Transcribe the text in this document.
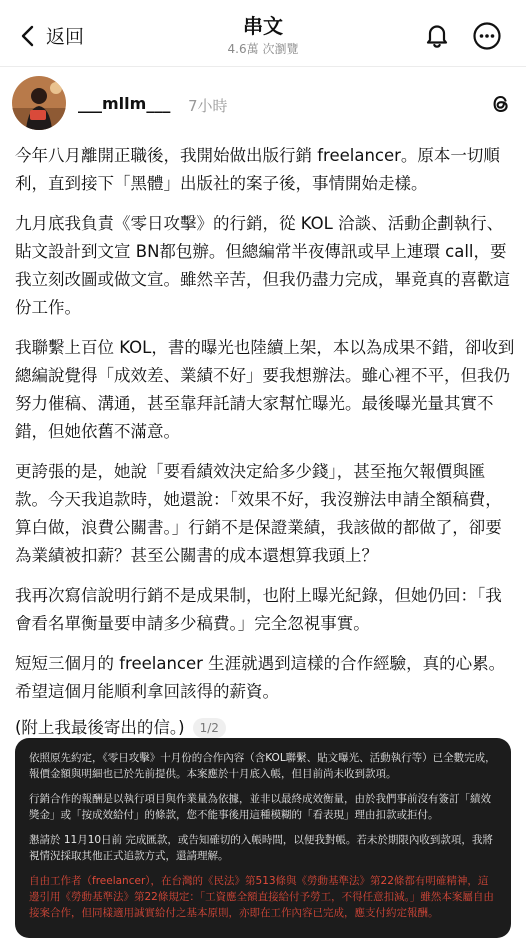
返回	串文
4.6萬 次瀏覽
___mllm___ 7小時

今年八月離開正職後，我開始做出版行銷 freelancer。原本一切順利，直到接下「黑體」出版社的案子後，事情開始走樣。

九月底我負責《零日攻擊》的行銷，從 KOL 洽談、活動企劃執行、貼文設計到文宣 BN都包辦。但總編常半夜傳訊或早上連環 call，要我立刻改圖或做文宣。雖然辛苦，但我仍盡力完成，畢竟真的喜歡這份工作。

我聯繫上百位 KOL，書的曝光也陸續上架，本以為成果不錯，卻收到總編說覺得「成效差、業績不好」要我想辦法。雖心裡不平，但我仍努力催稿、溝通，甚至靠拜託請大家幫忙曝光。最後曝光量其實不錯，但她依舊不滿意。

更誇張的是，她說「要看績效決定給多少錢」，甚至拖欠報價與匯款。今天我追款時，她還說：「效果不好，我沒辦法申請全額稿費，算白做，浪費公關書。」行銷不是保證業績，我該做的都做了，卻要為業績被扣薪？甚至公關書的成本還想算我頭上？

我再次寫信說明行銷不是成果制，也附上曝光紀錄，但她仍回：「我會看名單衡量要申請多少稿費。」完全忽視事實。

短短三個月的 freelancer 生涯就遇到這樣的合作經驗，真的心累。希望這個月能順利拿回該得的薪資。

(附上我最後寄出的信。)	1/2

依照原先約定，《零日攻擊》十月份的合作內容（含KOL聯繫、貼文曝光、活動執行等）已全數完成，報價金額與明細也已於先前提供。本案應於十月底入帳，但目前尚未收到款項。

行銷合作的報酬是以執行項目與作業量為依據，並非以最終成效衡量，由於我們事前沒有簽訂「績效獎金」或「按成效給付」的條款，您不能事後用這種模糊的「看表現」理由扣款或拒付。

懇請於 11月10日前 完成匯款，或告知確切的入帳時間，以便我對帳。若未於期限內收到款項，我將視情況採取其他正式追款方式，還請理解。

自由工作者（freelancer），在台灣的《民法》第513條與《勞動基準法》第22條都有明確精神，這邊引用《勞動基準法》第22條規定：「工資應全額直接給付予勞工，不得任意扣減。」雖然本案屬自由接案合作，但同樣適用誠實給付之基本原則，亦即在工作內容已完成，應支付約定報酬。
